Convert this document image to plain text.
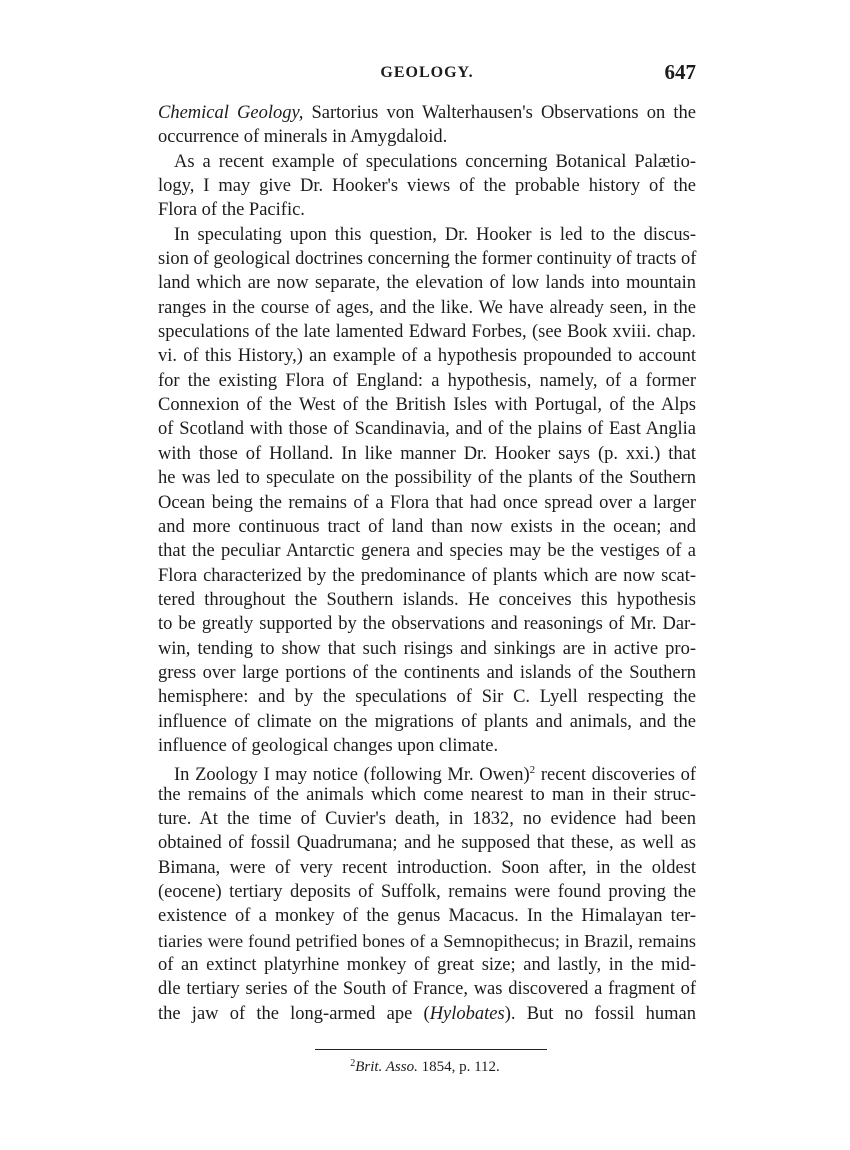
GEOLOGY.	647
Chemical Geology, Sartorius von Walterhausen's Observations on the
occurrence of minerals in Amygdaloid.
As a recent example of speculations concerning Botanical Palætio-
logy, I may give Dr. Hooker's views of the probable history of the
Flora of the Pacific.
In speculating upon this question, Dr. Hooker is led to the discus-
sion of geological doctrines concerning the former continuity of tracts of
land which are now separate, the elevation of low lands into mountain
ranges in the course of ages, and the like. We have already seen, in the
speculations of the late lamented Edward Forbes, (see Book xviii. chap.
vi. of this History,) an example of a hypothesis propounded to account
for the existing Flora of England: a hypothesis, namely, of a former
Connexion of the West of the British Isles with Portugal, of the Alps
of Scotland with those of Scandinavia, and of the plains of East Anglia
with those of Holland. In like manner Dr. Hooker says (p. xxi.) that
he was led to speculate on the possibility of the plants of the Southern
Ocean being the remains of a Flora that had once spread over a larger
and more continuous tract of land than now exists in the ocean; and
that the peculiar Antarctic genera and species may be the vestiges of a
Flora characterized by the predominance of plants which are now scat-
tered throughout the Southern islands. He conceives this hypothesis
to be greatly supported by the observations and reasonings of Mr. Dar-
win, tending to show that such risings and sinkings are in active pro-
gress over large portions of the continents and islands of the Southern
hemisphere: and by the speculations of Sir C. Lyell respecting the
influence of climate on the migrations of plants and animals, and the
influence of geological changes upon climate.
In Zoology I may notice (following Mr. Owen)$^2$ recent discoveries of
the remains of the animals which come nearest to man in their struc-
ture. At the time of Cuvier's death, in 1832, no evidence had been
obtained of fossil Quadrumana; and he supposed that these, as well as
Bimana, were of very recent introduction. Soon after, in the oldest
(eocene) tertiary deposits of Suffolk, remains were found proving the
existence of a monkey of the genus Macacus. In the Himalayan ter-
tiaries were found petrified bones of a Semnopithecus; in Brazil, remains
of an extinct platyrhine monkey of great size; and lastly, in the mid-
dle tertiary series of the South of France, was discovered a fragment of
the jaw of the long-armed ape (Hylobates). But no fossil human
$^2$Brit. Asso. 1854, p. 112.
